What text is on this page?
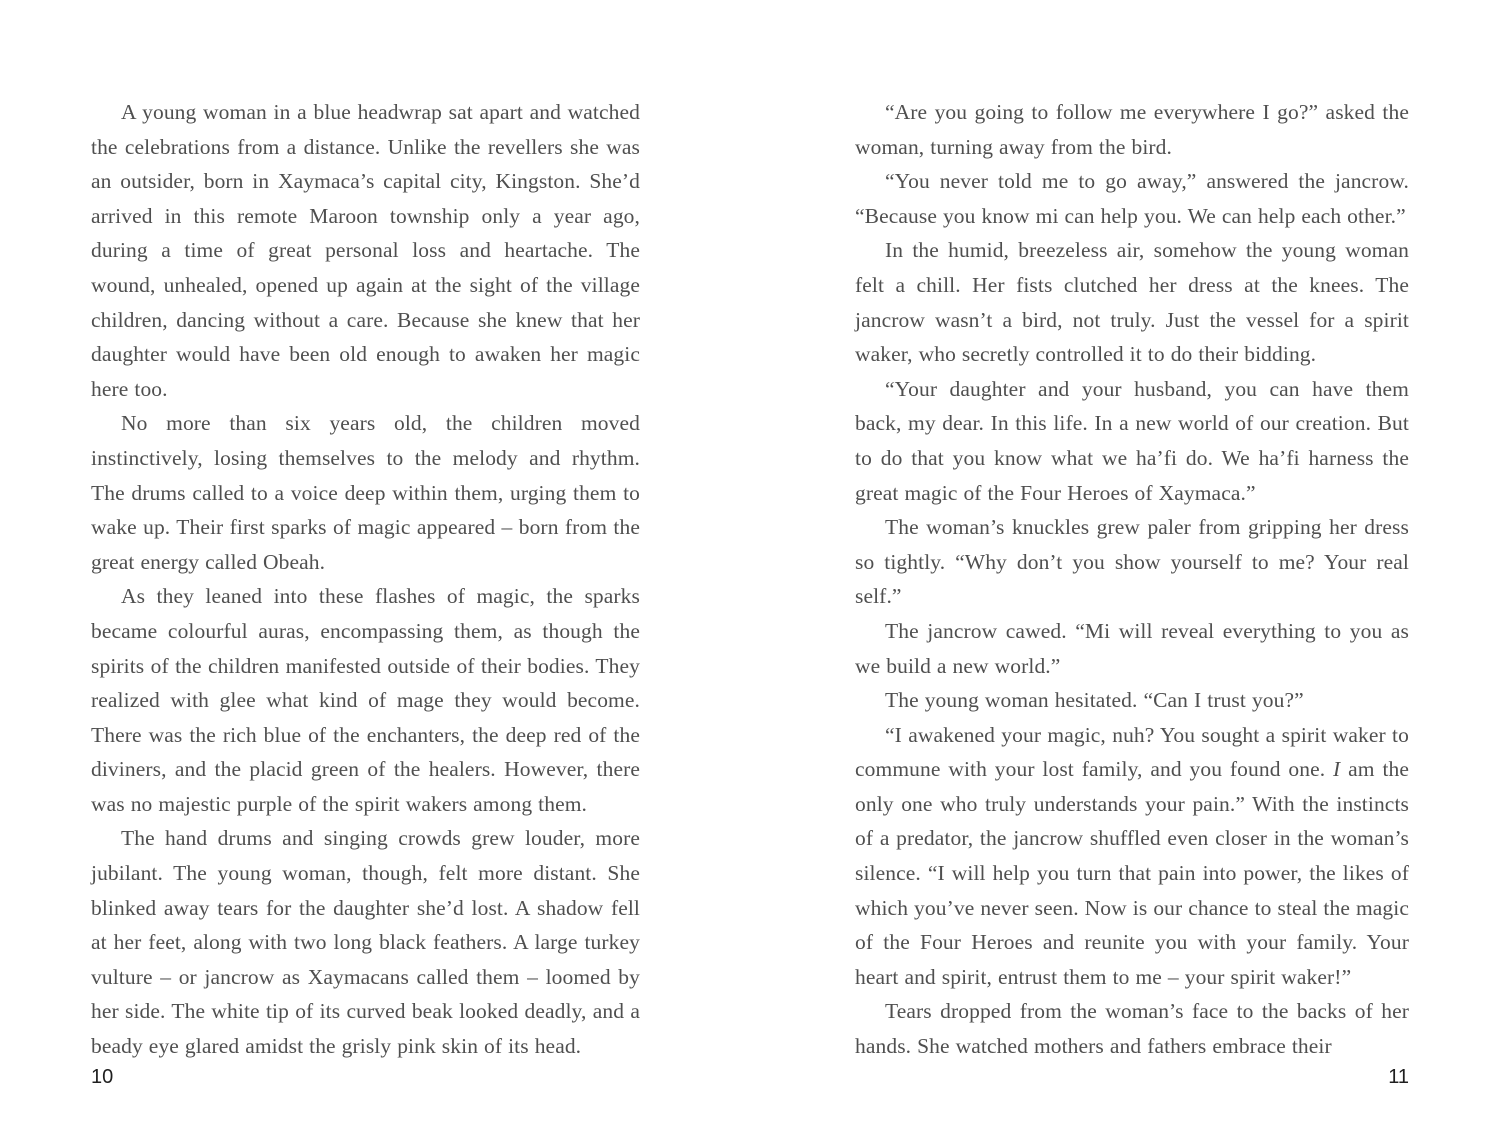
A young woman in a blue headwrap sat apart and watched the celebrations from a distance. Unlike the revellers she was an outsider, born in Xaymaca’s capital city, Kingston. She’d arrived in this remote Maroon township only a year ago, during a time of great personal loss and heartache. The wound, unhealed, opened up again at the sight of the village children, dancing without a care. Because she knew that her daughter would have been old enough to awaken her magic here too.

No more than six years old, the children moved instinctively, losing themselves to the melody and rhythm. The drums called to a voice deep within them, urging them to wake up. Their first sparks of magic appeared – born from the great energy called Obeah.

As they leaned into these flashes of magic, the sparks became colourful auras, encompassing them, as though the spirits of the children manifested outside of their bodies. They realized with glee what kind of mage they would become. There was the rich blue of the enchanters, the deep red of the diviners, and the placid green of the healers. However, there was no majestic purple of the spirit wakers among them.

The hand drums and singing crowds grew louder, more jubilant. The young woman, though, felt more distant. She blinked away tears for the daughter she’d lost. A shadow fell at her feet, along with two long black feathers. A large turkey vulture – or jancrow as Xaymacans called them – loomed by her side. The white tip of its curved beak looked deadly, and a beady eye glared amidst the grisly pink skin of its head.

“Are you going to follow me everywhere I go?” asked the woman, turning away from the bird.

“You never told me to go away,” answered the jancrow. “Because you know mi can help you. We can help each other.”

In the humid, breezeless air, somehow the young woman felt a chill. Her fists clutched her dress at the knees. The jancrow wasn’t a bird, not truly. Just the vessel for a spirit waker, who secretly controlled it to do their bidding.

“Your daughter and your husband, you can have them back, my dear. In this life. In a new world of our creation. But to do that you know what we ha’fi do. We ha’fi harness the great magic of the Four Heroes of Xaymaca.”

The woman’s knuckles grew paler from gripping her dress so tightly. “Why don’t you show yourself to me? Your real self.”

The jancrow cawed. “Mi will reveal everything to you as we build a new world.”

The young woman hesitated. “Can I trust you?”

“I awakened your magic, nuh? You sought a spirit waker to commune with your lost family, and you found one. I am the only one who truly understands your pain.” With the instincts of a predator, the jancrow shuffled even closer in the woman’s silence. “I will help you turn that pain into power, the likes of which you’ve never seen. Now is our chance to steal the magic of the Four Heroes and reunite you with your family. Your heart and spirit, entrust them to me – your spirit waker!”

Tears dropped from the woman’s face to the backs of her hands. She watched mothers and fathers embrace their

10	11
